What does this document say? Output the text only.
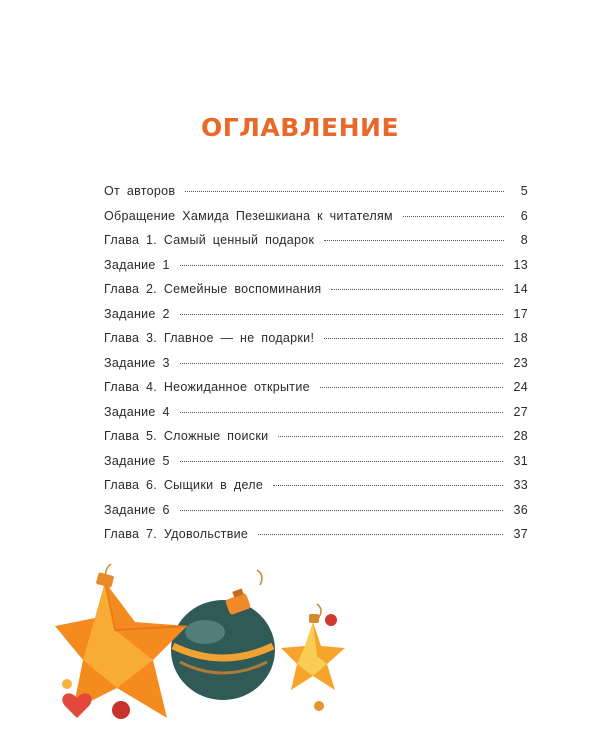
ОГЛАВЛЕНИЕ
От авторов	5
Обращение Хамида Пезешкиана к читателям	6
Глава 1. Самый ценный подарок	8
Задание 1	13
Глава 2. Семейные воспоминания	14
Задание 2	17
Глава 3. Главное — не подарки!	18
Задание 3	23
Глава 4. Неожиданное открытие	24
Задание 4	27
Глава 5. Сложные поиски	28
Задание 5	31
Глава 6. Сыщики в деле	33
Задание 6	36
Глава 7. Удовольствие	37
